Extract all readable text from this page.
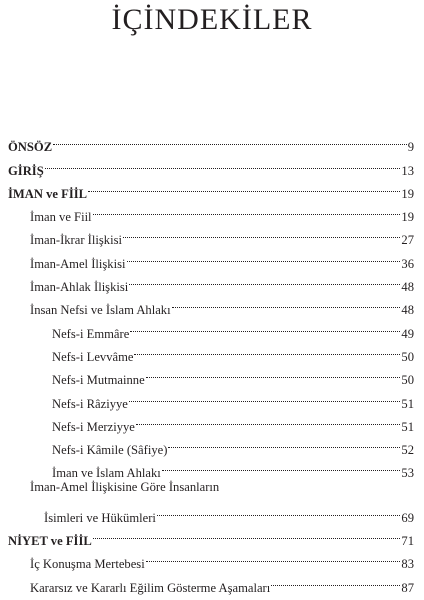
İÇİNDEKİLER
ÖNSÖZ	9
GİRİŞ	13
İMAN ve FİİL	19
İman ve Fiil	19
İman-İkrar İlişkisi	27
İman-Amel İlişkisi	36
İman-Ahlak İlişkisi	48
İnsan Nefsi ve İslam Ahlakı	48
Nefs-i Emmâre	49
Nefs-i Levvâme	50
Nefs-i Mutmainne	50
Nefs-i Râziyye	51
Nefs-i Merziyye	51
Nefs-i Kâmile (Sâfiye)	52
İman ve İslam Ahlakı	53
İman-Amel İlişkisine Göre İnsanların
İsimleri ve Hükümleri	69
NİYET ve FİİL	71
İç Konuşma Mertebesi	83
Kararsız ve Kararlı Eğilim Gösterme Aşamaları	87
